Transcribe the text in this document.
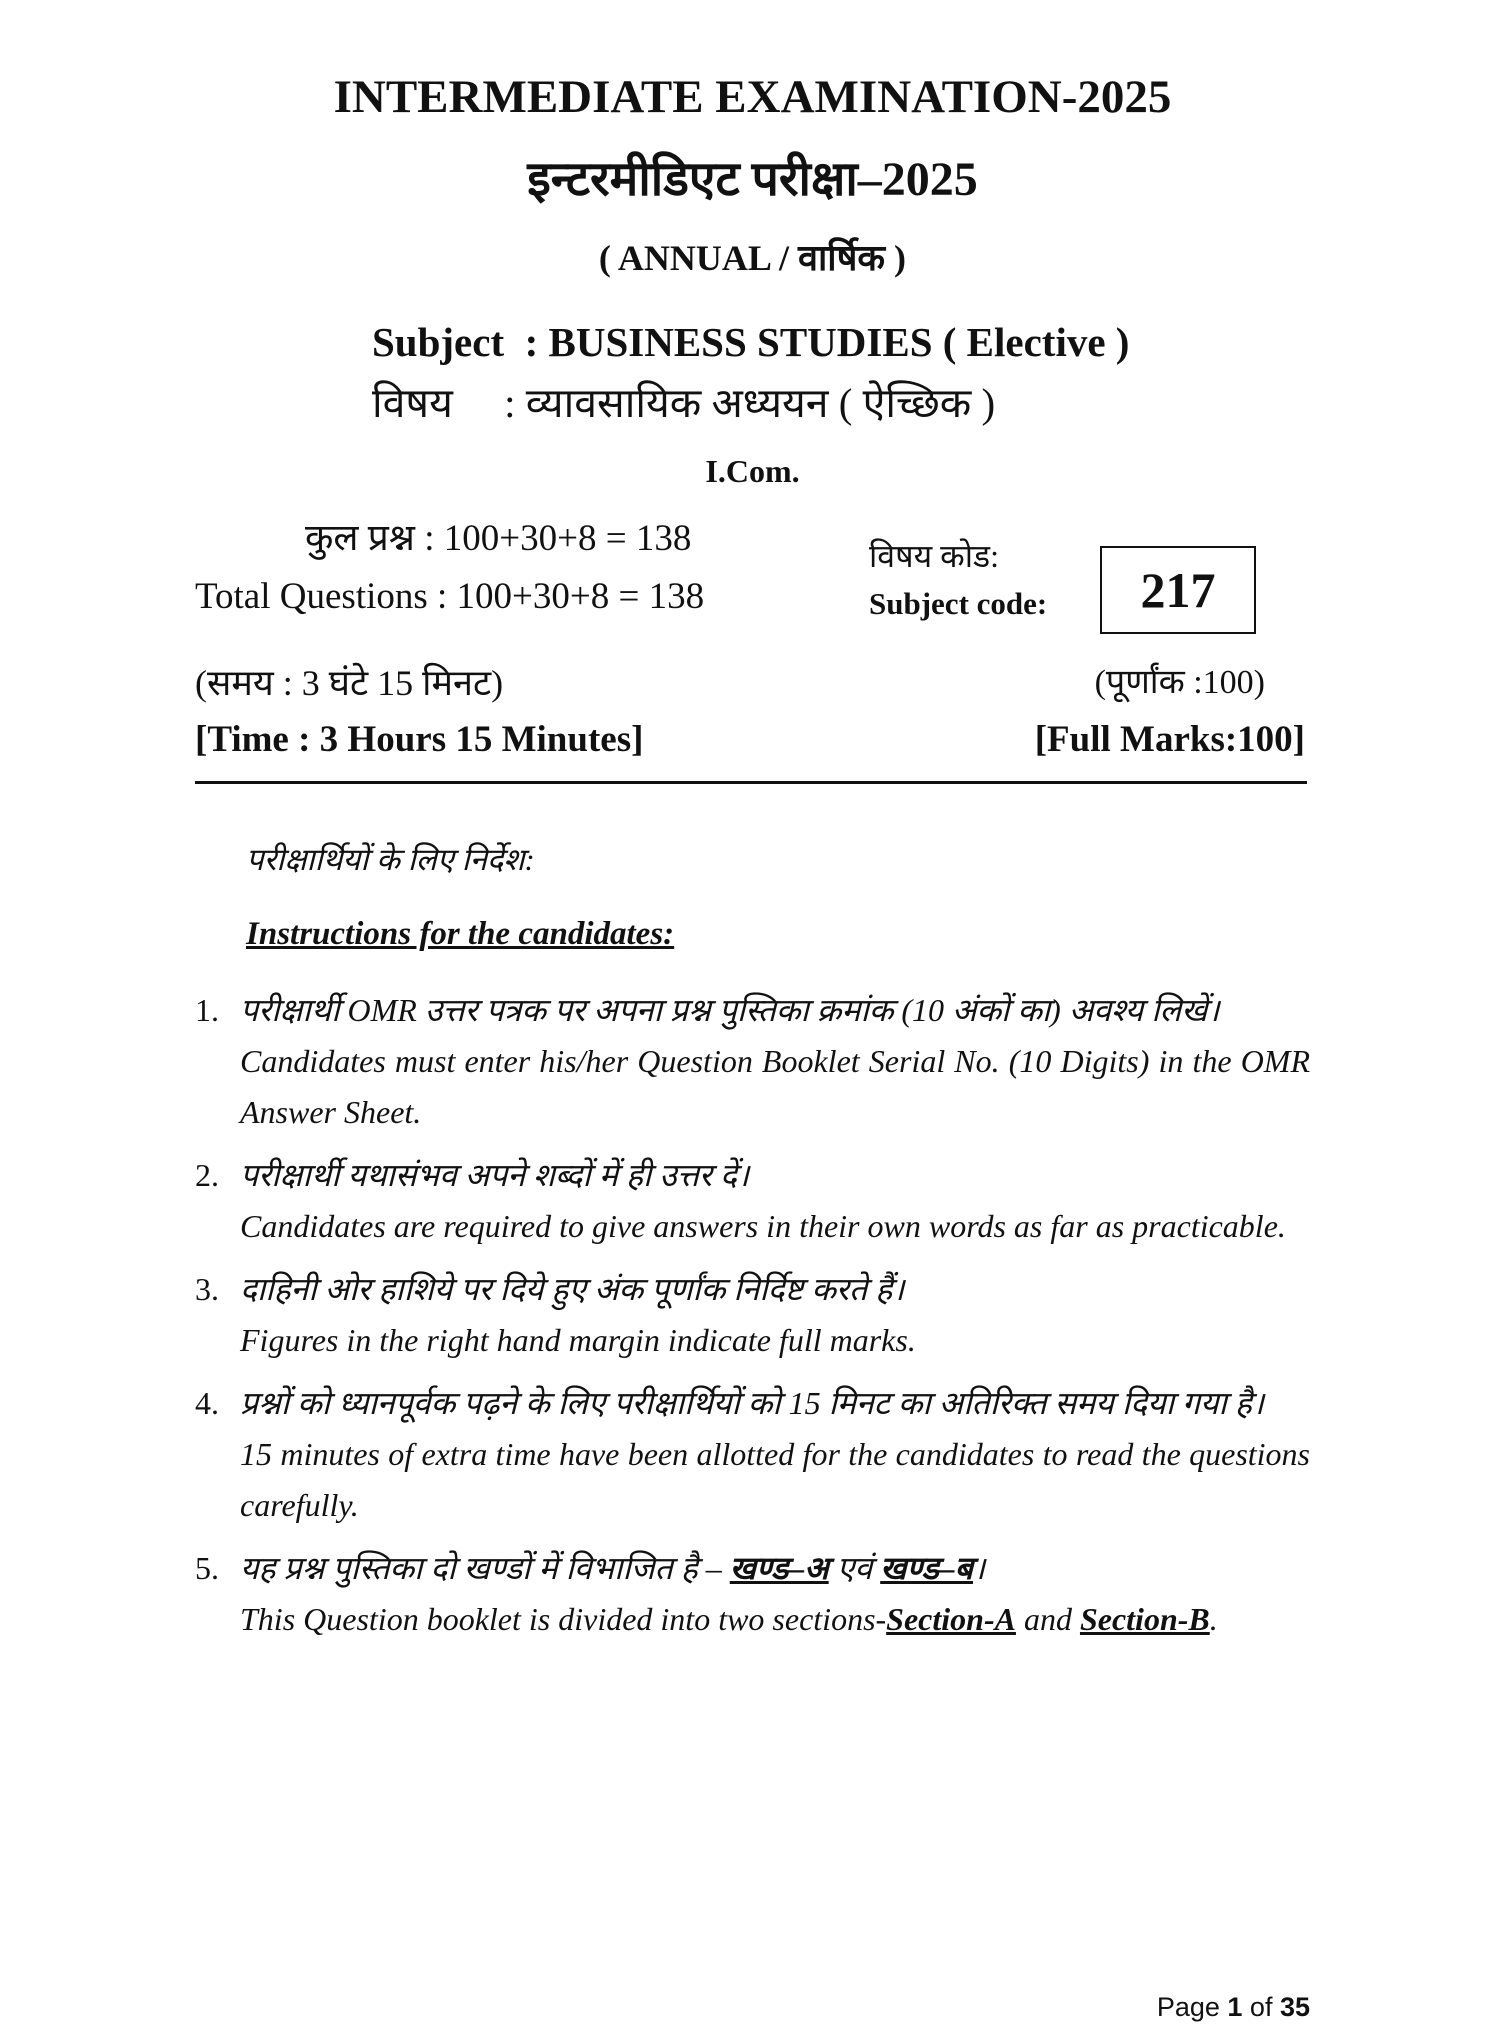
INTERMEDIATE EXAMINATION-2025
इन्टरमीडिएट परीक्षा–2025
( ANNUAL / वार्षिक )
Subject  : BUSINESS STUDIES ( Elective )
विषय     : व्यावसायिक अध्ययन ( ऐच्छिक )
I.Com.
कुल प्रश्न : 100+30+8 = 138
Total Questions : 100+30+8 = 138
विषय कोड:
Subject code:	217
(समय : 3 घंटे 15 मिनट)	(पूर्णांक :100)
[Time : 3 Hours 15 Minutes]	[Full Marks:100]
परीक्षार्थियों के लिए निर्देश:
Instructions for the candidates:
1. परीक्षार्थी OMR उत्तर पत्रक पर अपना प्रश्न पुस्तिका क्रमांक (10 अंकों का) अवश्य लिखें।

Candidates must enter his/her Question Booklet Serial No. (10 Digits) in the OMR Answer Sheet.

2. परीक्षार्थी यथासंभव अपने शब्दों में ही उत्तर दें।

Candidates are required to give answers in their own words as far as practicable.

3. दाहिनी ओर हाशिये पर दिये हुए अंक पूर्णांक निर्दिष्ट करते हैं।

Figures in the right hand margin indicate full marks.

4. प्रश्नों को ध्यानपूर्वक पढ़ने के लिए परीक्षार्थियों को 15 मिनट का अतिरिक्त समय दिया गया है।

15 minutes of extra time have been allotted for the candidates to read the questions carefully.

5. यह प्रश्न पुस्तिका दो खण्डों में विभाजित है – खण्ड–अ एवं खण्ड–ब।

This Question booklet is divided into two sections-Section-A and Section-B.

Page 1 of 35
